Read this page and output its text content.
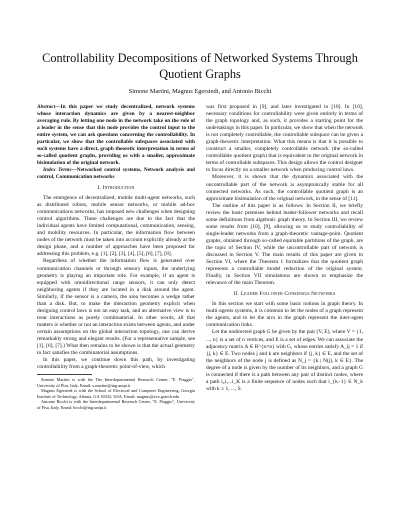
Controllability Decompositions of Networked Systems Through Quotient Graphs
Simone Martini, Magnus Egerstedt, and Antonio Bicchi

Abstract—In this paper we study decentralized, network systems whose interaction dynamics are given by a nearest-neighbor averaging rule. By letting one node in the network take on the role of a leader in the sense that this node provides the control input to the entire system, we can ask questions concerning the controllability. In particular, we show that the controllable subspaces associated with such systems have a direct, graph theoretic interpretation in terms of so-called quotient graphs, providing us with a smaller, approximate bisimulation of the original network.

Index Terms—Networked control systems, Network analysis and control, Communication networks

I. Introduction

The emergence of decentralized, mobile multi-agent networks, such as distributed robots, mobile sensor networks, or mobile ad-hoc communications networks, has imposed new challenges when designing control algorithms. These challenges are due to the fact that the individual agents have limited computational, communication, sensing, and mobility resources. In particular, the information flow between nodes of the network must be taken into account explicitly already at the design phase, and a number of approaches have been proposed for addressing this problem, e.g. [1], [2], [3], [4], [5], [6], [7], [8].

Regardless of whether the information flow is generated over communication channels or through sensory inputs, the underlying geometry is playing an important role. For example, if an agent is equipped with omnidirectional range sensors, it can only detect neighboring agents if they are located in a disk around the agent. Similarly, if the sensor is a camera, the area becomes a wedge rather than a disk. But, to make the interaction geometry explicit when designing control laws is not an easy task, and an alternative view is to treat interactions as purely combinatorial. In other words, all that matters is whether or not an interaction exists between agents, and under certain assumptions on the global interaction topology, one can derive remarkably strong and elegant results. (For a representative sample, see [1], [6], [7].) What then remains to be shown is that the actual geometry in fact satisfies the combinatorial assumptions.

In this paper, we continue down this path, by investigating controllability from a graph-theoretic point-of-view, which

Simone Martini is with the The Interdepartmental Research Center, "E. Piaggio", University of Pisa, Italy. Email: s.martini@ing.unipi.it

Magnus Egerstedt is with the School of Electrical and Computer Engineering, Georgia Institute of Technology, Atlanta, GA 30332, USA. Email: magnus@ece.gatech.edu

Antonio Bicchi is with the Interdepartmental Research Center, "E. Piaggio", University of Pisa, Italy. Email: bicchi@ing.unipi.it

was first proposed in [9], and later investigated in [10]. In [10], necessary conditions for controllability were given entirely in terms of the graph topology and, as such, it provides a starting point for the undertakings in this paper. In particular, we show that when the network is not completely controllable, the controllable subspace can be given a graph-theoretic interpretation. What this means is that it is possible to construct a smaller, completely controllable network (the so-called controllable quotient graph) that is equivalent to the original network in terms of controllable subspaces. This design allows the control designer to focus directly on a smaller network when producing control laws.

Moreover, it is shown that the dynamics associated with the uncontrollable part of the network is asymptotically stable for all connected networks. As such, the controllable quotient graph is an approximate bisimulation of the original network, in the sense of [11].

The outline of this paper is as follows: In Section II, we briefly review the basic premises behind leader-follower networks and recall some definitions from algebraic graph theory. In Section III, we review some results from [10], [9], allowing us to study controllability of single-leader networks from a graph-theoretic vantage-point. Quotient graphs, obtained through so-called equitable partitions of the graph, are the topic of Section IV, while the uncontrollable part of network is discussed in Section V. The main results of this paper are given in Section VI, where the Theorem 1 formalizes that the quotient graph represents a controllable model reduction of the original system. Finally, in Section VII simulations are shown to emphasize the relevance of the main Theorem.

II. Leader Follower Consensus Networks

In this section we start with some basic notions in graph theory. In multi-agents systems, it is common to let the nodes of a graph represent the agents, and to let the arcs in the graph represent the inter-agent communication links.

Let the undirected graph G be given by the pair (V, E), where V = {1, ..., n} is a set of n vertices, and E is a set of edges. We can associate the adjacency matrix A ∈ R^{n×n} with G, whose entries satisfy A_ij = 1 if {j, k} ∈ E. Two nodes j and k are neighbors if {j, k} ∈ E, and the set of the neighbors of the node j is defined as N_j = {k | N(j), k ∈ E}. The degree of a node is given by the number of its neighbors, and a graph G is connected if there is a path between any pair of distinct nodes, where a path i₀i₁...i_K is a finite sequence of nodes such that i_{k−1} ∈ N_k with k ≥ 1, ..., S.
